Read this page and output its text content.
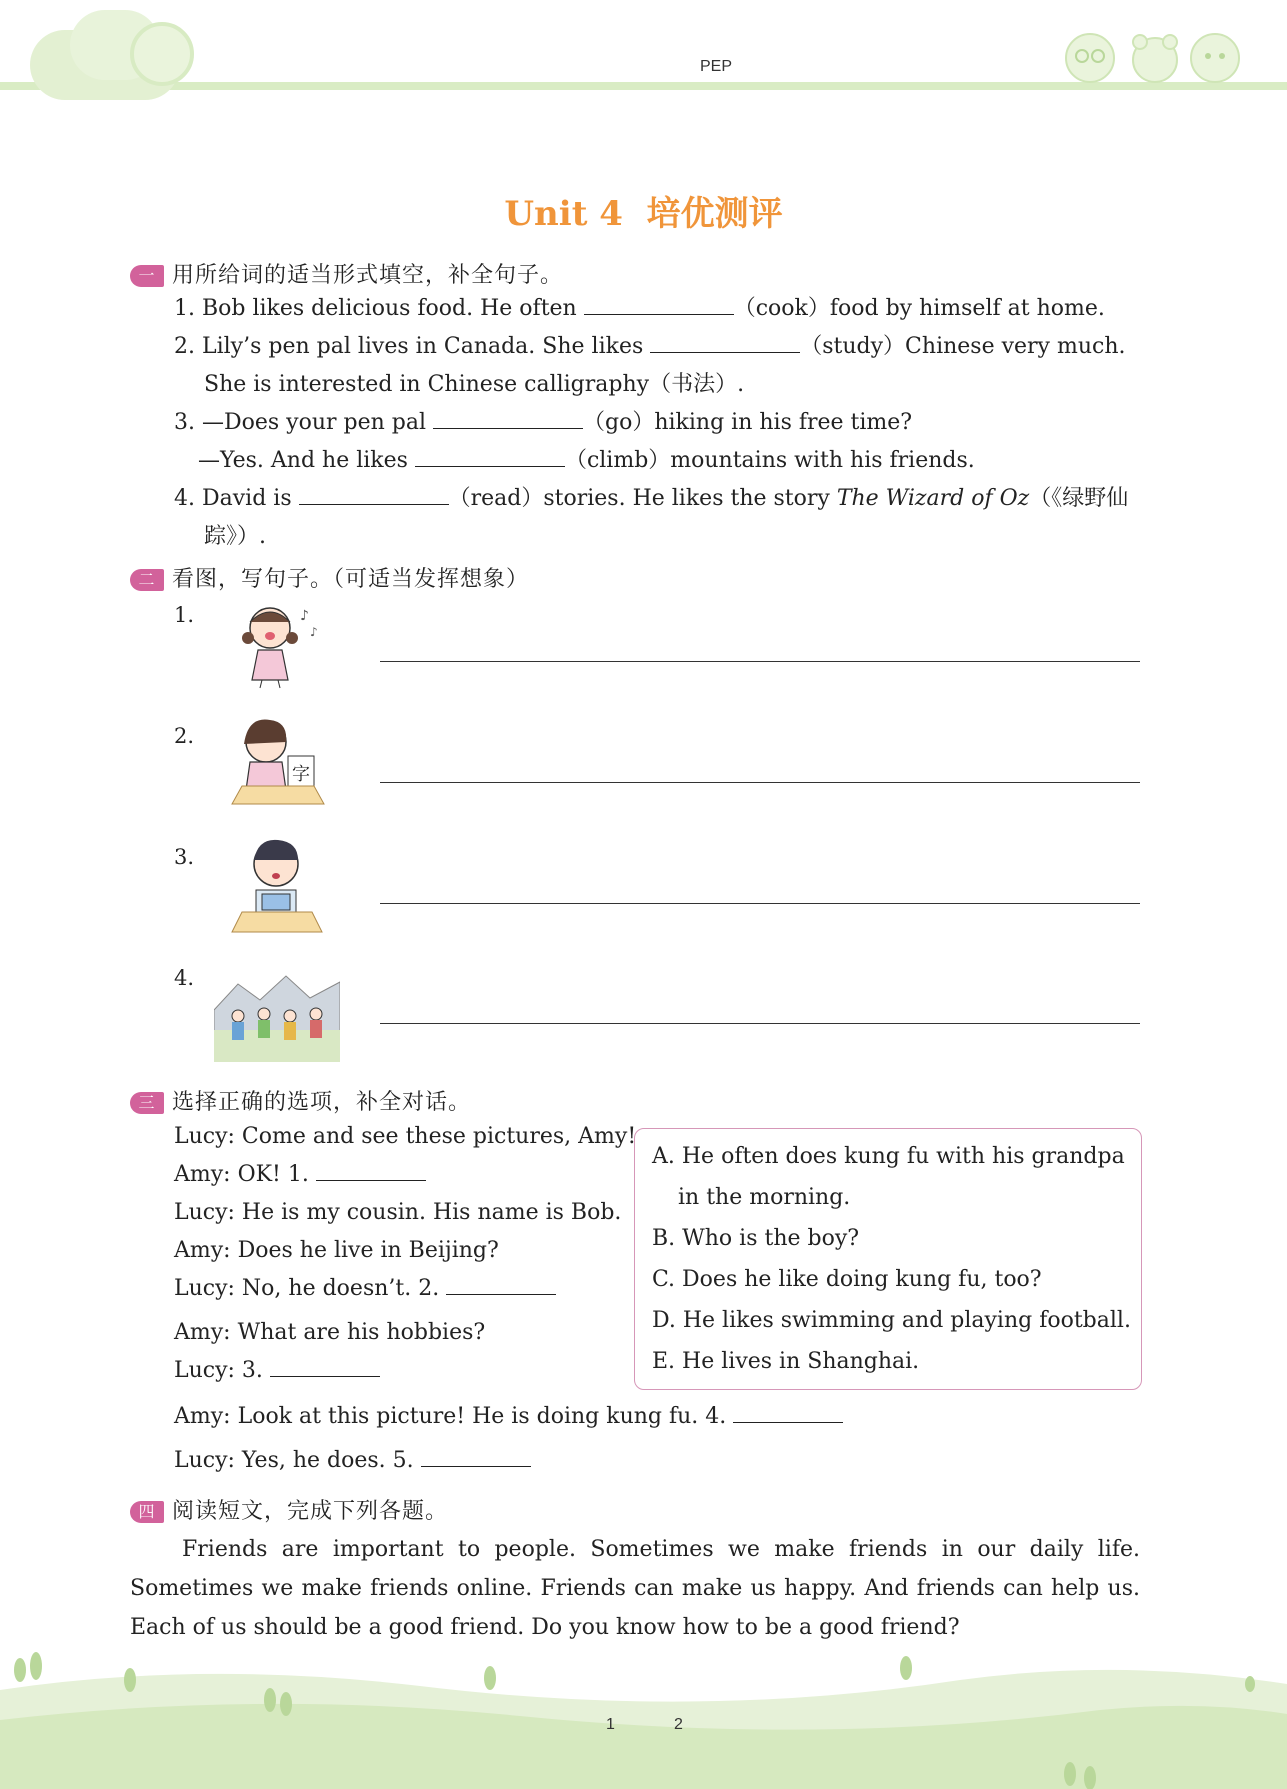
PEP
Unit 4 培优测评
一 用所给词的适当形式填空，补全句子。
1. Bob likes delicious food. He often	（cook）food by himself at home.
2. Lily’s pen pal lives in Canada. She likes	（study）Chinese very much.
She is interested in Chinese calligraphy（书法）.
3. —Does your pen pal	（go）hiking in his free time?
—Yes. And he likes	（climb）mountains with his friends.
4. David is	（read）stories. He likes the story The Wizard of Oz（《绿野仙
踪》）.
二 看图，写句子。（可适当发挥想象）
1.	♪
♪
2.
字
3.
4.
三 选择正确的选项，补全对话。
Lucy: Come and see these pictures, Amy!
Amy: OK! 1.
Lucy: He is my cousin. His name is Bob.
Amy: Does he live in Beijing?
Lucy: No, he doesn’t. 2.
Amy: What are his hobbies?
Lucy: 3.
Amy: Look at this picture! He is doing kung fu. 4.
Lucy: Yes, he does. 5.
A. He often does kung fu with his grandpa
in the morning.
B. Who is the boy?
C. Does he like doing kung fu, too?
D. He likes swimming and playing football.
E. He lives in Shanghai.
四 阅读短文，完成下列各题。

Friends are important to people. Sometimes we make friends in our daily life. Sometimes we make friends online. Friends can make us happy. And friends can help us. Each of us should be a good friend. Do you know how to be a good friend?

1	2
